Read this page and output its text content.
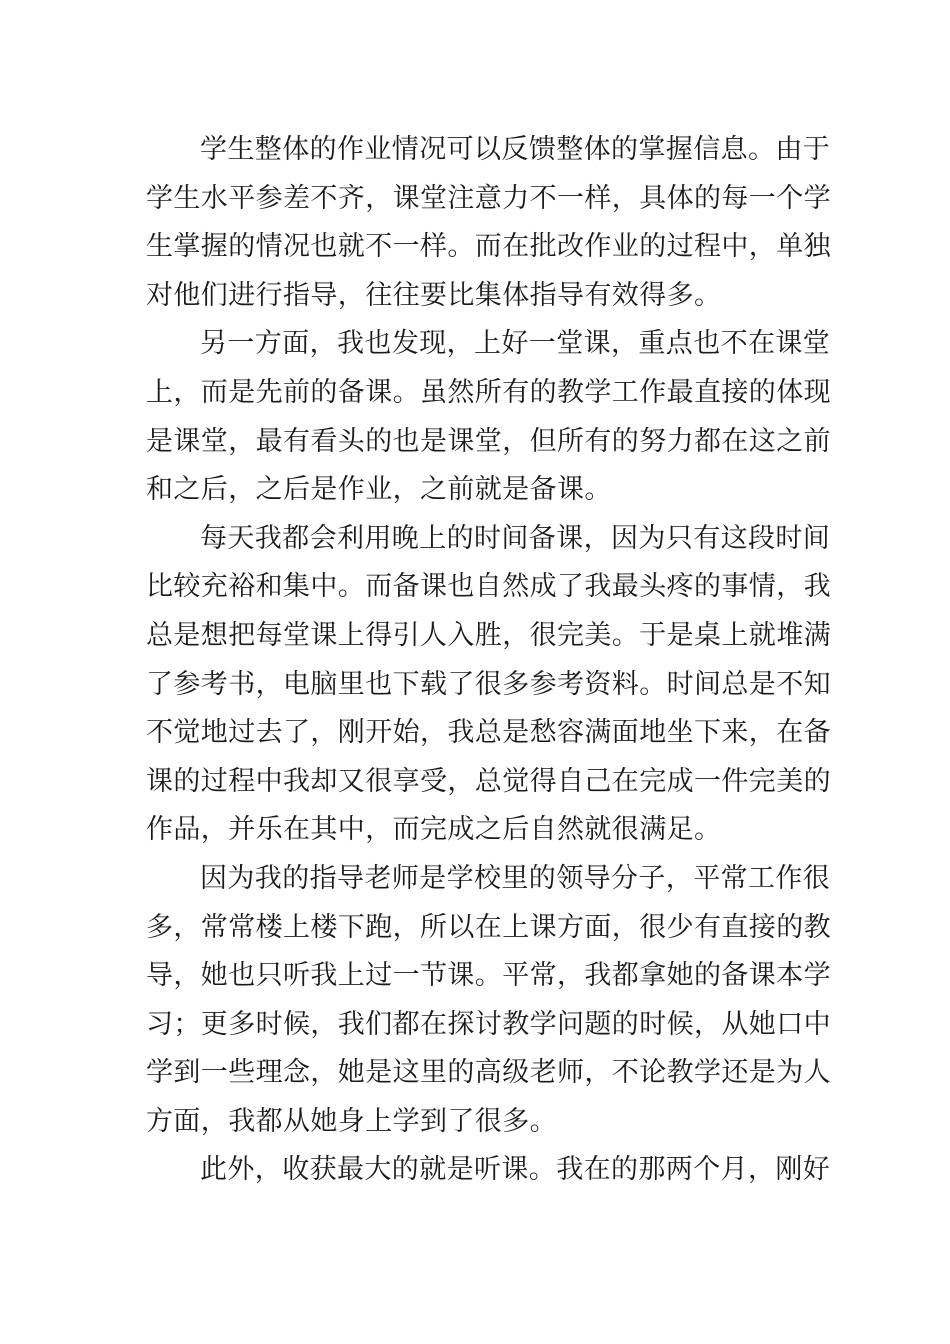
学生整体的作业情况可以反馈整体的掌握信息。由于
学生水平参差不齐，课堂注意力不一样，具体的每一个学
生掌握的情况也就不一样。而在批改作业的过程中，单独
对他们进行指导，往往要比集体指导有效得多。
另一方面，我也发现，上好一堂课，重点也不在课堂
上，而是先前的备课。虽然所有的教学工作最直接的体现
是课堂，最有看头的也是课堂，但所有的努力都在这之前
和之后，之后是作业，之前就是备课。
每天我都会利用晚上的时间备课，因为只有这段时间
比较充裕和集中。而备课也自然成了我最头疼的事情，我
总是想把每堂课上得引人入胜，很完美。于是桌上就堆满
了参考书，电脑里也下载了很多参考资料。时间总是不知
不觉地过去了，刚开始，我总是愁容满面地坐下来，在备
课的过程中我却又很享受，总觉得自己在完成一件完美的
作品，并乐在其中，而完成之后自然就很满足。
因为我的指导老师是学校里的领导分子，平常工作很
多，常常楼上楼下跑，所以在上课方面，很少有直接的教
导，她也只听我上过一节课。平常，我都拿她的备课本学
习；更多时候，我们都在探讨教学问题的时候，从她口中
学到一些理念，她是这里的高级老师，不论教学还是为人
方面，我都从她身上学到了很多。
此外，收获最大的就是听课。我在的那两个月，刚好
